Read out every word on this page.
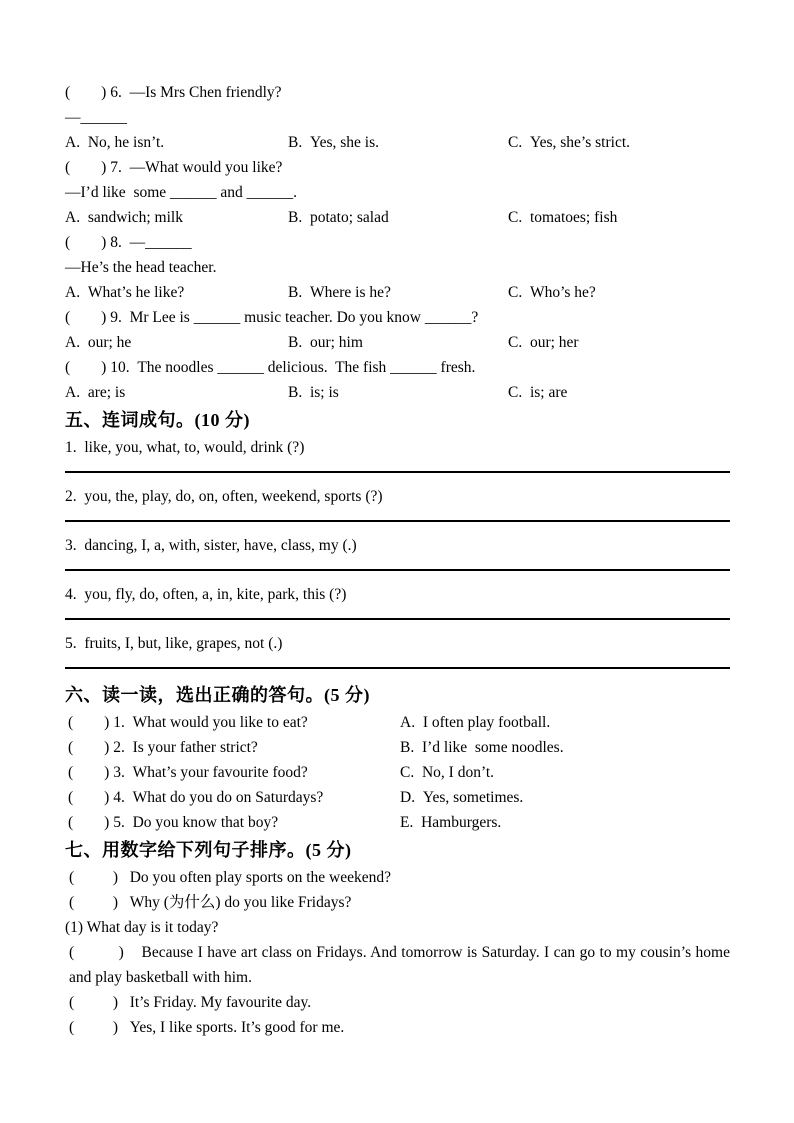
(        ) 6.  —Is Mrs Chen friendly?
—______
A.  No, he isn’t.	B.  Yes, she is.	C.  Yes, she’s strict.
(        ) 7.  —What would you like?
—I’d like  some ______ and ______.
A.  sandwich; milk	B.  potato; salad	C.  tomatoes; fish
(        ) 8.  —______
—He’s the head teacher.
A.  What’s he like?	B.  Where is he?	C.  Who’s he?
(        ) 9.  Mr Lee is ______ music teacher. Do you know ______?
A.  our; he	B.  our; him	C.  our; her
(        ) 10.  The noodles ______ delicious.  The fish ______ fresh.
A.  are; is	B.  is; is	C.  is; are
五、连词成句。(10 分)
1.  like, you, what, to, would, drink (?)
2.  you, the, play, do, on, often, weekend, sports (?)
3.  dancing, I, a, with, sister, have, class, my (.)
4.  you, fly, do, often, a, in, kite, park, this (?)
5.  fruits, I, but, like, grapes, not (.)
六、读一读，选出正确的答句。(5 分)
(        ) 1.  What would you like to eat?	A.  I often play football.
(        ) 2.  Is your father strict?	B.  I’d like  some noodles.
(        ) 3.  What’s your favourite food?	C.  No, I don’t.
(        ) 4.  What do you do on Saturdays?	D.  Yes, sometimes.
(        ) 5.  Do you know that boy?	E.  Hamburgers.
七、用数字给下列句子排序。(5 分)
(          )   Do you often play sports on the weekend?
(          )   Why (为什么) do you like Fridays?
(1) What day is it today?
(          )    Because I have art class on Fridays. And tomorrow is Saturday. I can go to my cousin’s home and play basketball with him.
(          )   It’s Friday. My favourite day.
(          )   Yes, I like sports. It’s good for me.
